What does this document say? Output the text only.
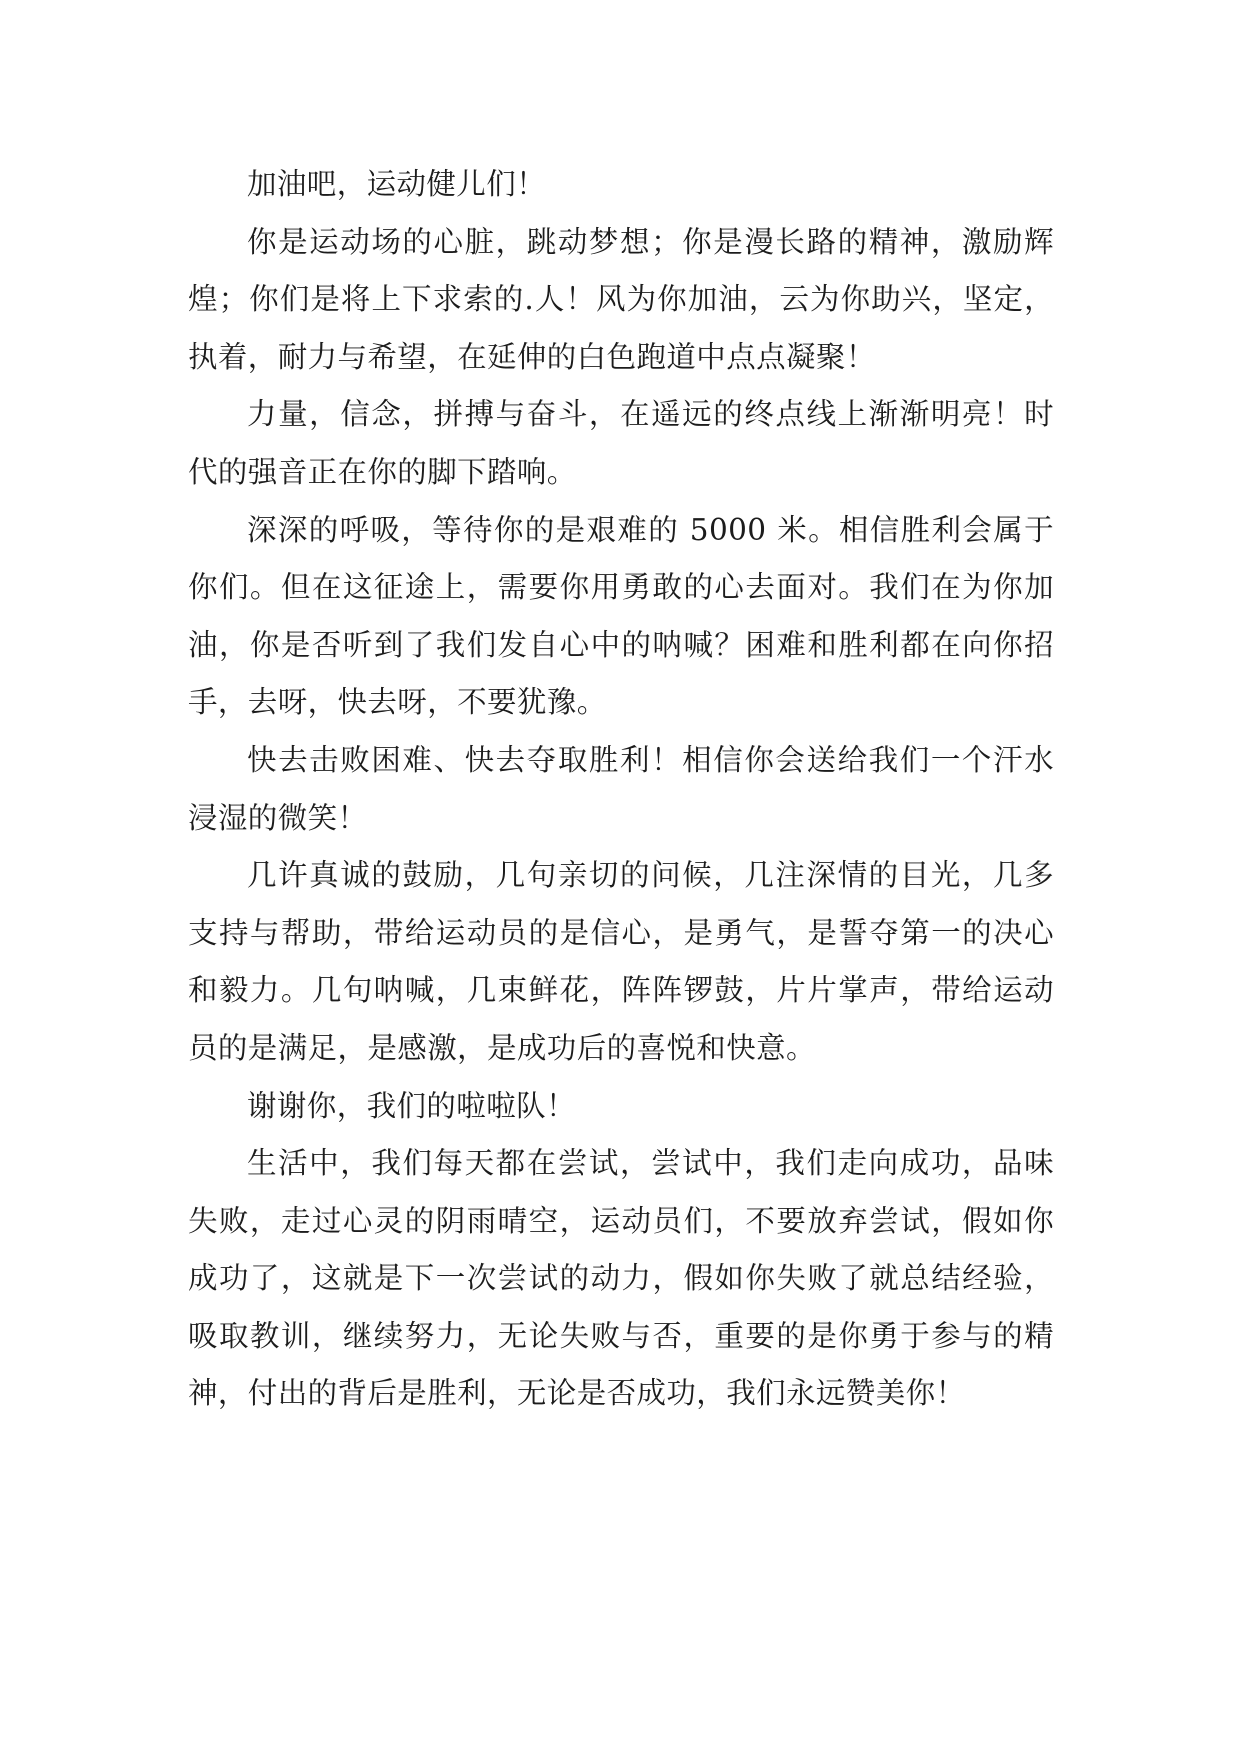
加油吧，运动健儿们！

你是运动场的心脏，跳动梦想；你是漫长路的精神，激励辉煌；你们是将上下求索的.人！风为你加油，云为你助兴，坚定，执着，耐力与希望，在延伸的白色跑道中点点凝聚！

力量，信念，拼搏与奋斗，在遥远的终点线上渐渐明亮！时代的强音正在你的脚下踏响。

深深的呼吸，等待你的是艰难的 5000 米。相信胜利会属于你们。但在这征途上，需要你用勇敢的心去面对。我们在为你加油，你是否听到了我们发自心中的呐喊？困难和胜利都在向你招手，去呀，快去呀，不要犹豫。

快去击败困难、快去夺取胜利！相信你会送给我们一个汗水浸湿的微笑！

几许真诚的鼓励，几句亲切的问候，几注深情的目光，几多支持与帮助，带给运动员的是信心，是勇气，是誓夺第一的决心和毅力。几句呐喊，几束鲜花，阵阵锣鼓，片片掌声，带给运动员的是满足，是感激，是成功后的喜悦和快意。

谢谢你，我们的啦啦队！

生活中，我们每天都在尝试，尝试中，我们走向成功，品味失败，走过心灵的阴雨晴空，运动员们，不要放弃尝试，假如你成功了，这就是下一次尝试的动力，假如你失败了就总结经验，吸取教训，继续努力，无论失败与否，重要的是你勇于参与的精神，付出的背后是胜利，无论是否成功，我们永远赞美你！
